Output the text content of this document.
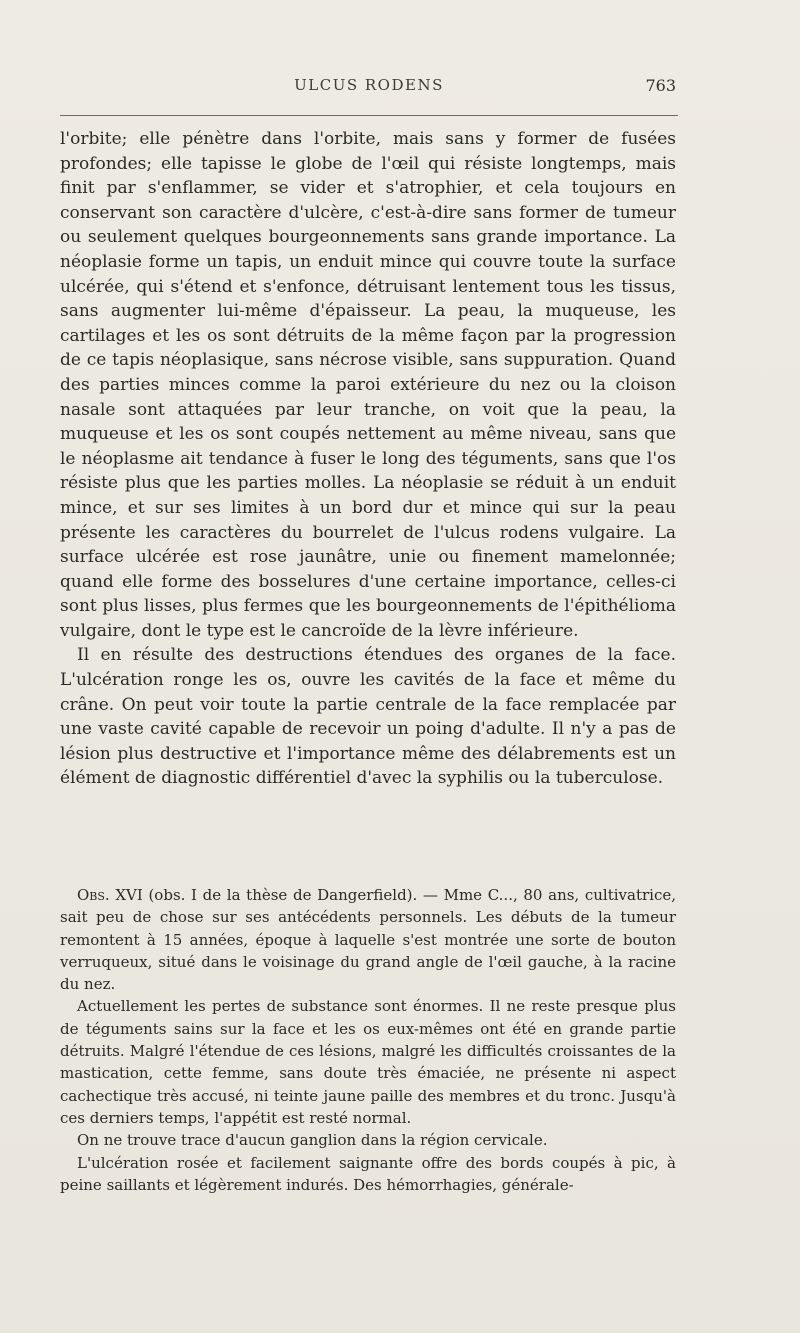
ULCUS RODENS	763

l'orbite; elle pénètre dans l'orbite, mais sans y former de fusées profondes; elle tapisse le globe de l'œil qui résiste longtemps, mais finit par s'enflammer, se vider et s'atrophier, et cela toujours en conservant son caractère d'ulcère, c'est-à-dire sans former de tumeur ou seulement quelques bourgeonnements sans grande importance. La néoplasie forme un tapis, un enduit mince qui couvre toute la surface ulcérée, qui s'étend et s'enfonce, détruisant lentement tous les tissus, sans augmenter lui-même d'épaisseur. La peau, la muqueuse, les cartilages et les os sont détruits de la même façon par la progression de ce tapis néoplasique, sans nécrose visible, sans suppuration. Quand des parties minces comme la paroi extérieure du nez ou la cloison nasale sont attaquées par leur tranche, on voit que la peau, la muqueuse et les os sont coupés nettement au même niveau, sans que le néoplasme ait tendance à fuser le long des téguments, sans que l'os résiste plus que les parties molles. La néoplasie se réduit à un enduit mince, et sur ses limites à un bord dur et mince qui sur la peau présente les caractères du bourrelet de l'ulcus rodens vulgaire. La surface ulcérée est rose jaunâtre, unie ou finement mamelonnée; quand elle forme des bosselures d'une certaine importance, celles-ci sont plus lisses, plus fermes que les bourgeonnements de l'épithélioma vulgaire, dont le type est le cancroïde de la lèvre inférieure.

Il en résulte des destructions étendues des organes de la face. L'ulcération ronge les os, ouvre les cavités de la face et même du crâne. On peut voir toute la partie centrale de la face remplacée par une vaste cavité capable de recevoir un poing d'adulte. Il n'y a pas de lésion plus destructive et l'importance même des délabrements est un élément de diagnostic différentiel d'avec la syphilis ou la tuberculose.

Obs. XVI (obs. I de la thèse de Dangerfield). — Mme C..., 80 ans, cultivatrice, sait peu de chose sur ses antécédents personnels. Les débuts de la tumeur remontent à 15 années, époque à laquelle s'est montrée une sorte de bouton verruqueux, situé dans le voisinage du grand angle de l'œil gauche, à la racine du nez.

Actuellement les pertes de substance sont énormes. Il ne reste presque plus de téguments sains sur la face et les os eux-mêmes ont été en grande partie détruits. Malgré l'étendue de ces lésions, malgré les difficultés croissantes de la mastication, cette femme, sans doute très émaciée, ne présente ni aspect cachectique très accusé, ni teinte jaune paille des membres et du tronc. Jusqu'à ces derniers temps, l'appétit est resté normal.

On ne trouve trace d'aucun ganglion dans la région cervicale.

L'ulcération rosée et facilement saignante offre des bords coupés à pic, à peine saillants et légèrement indurés. Des hémorrhagies, générale-
